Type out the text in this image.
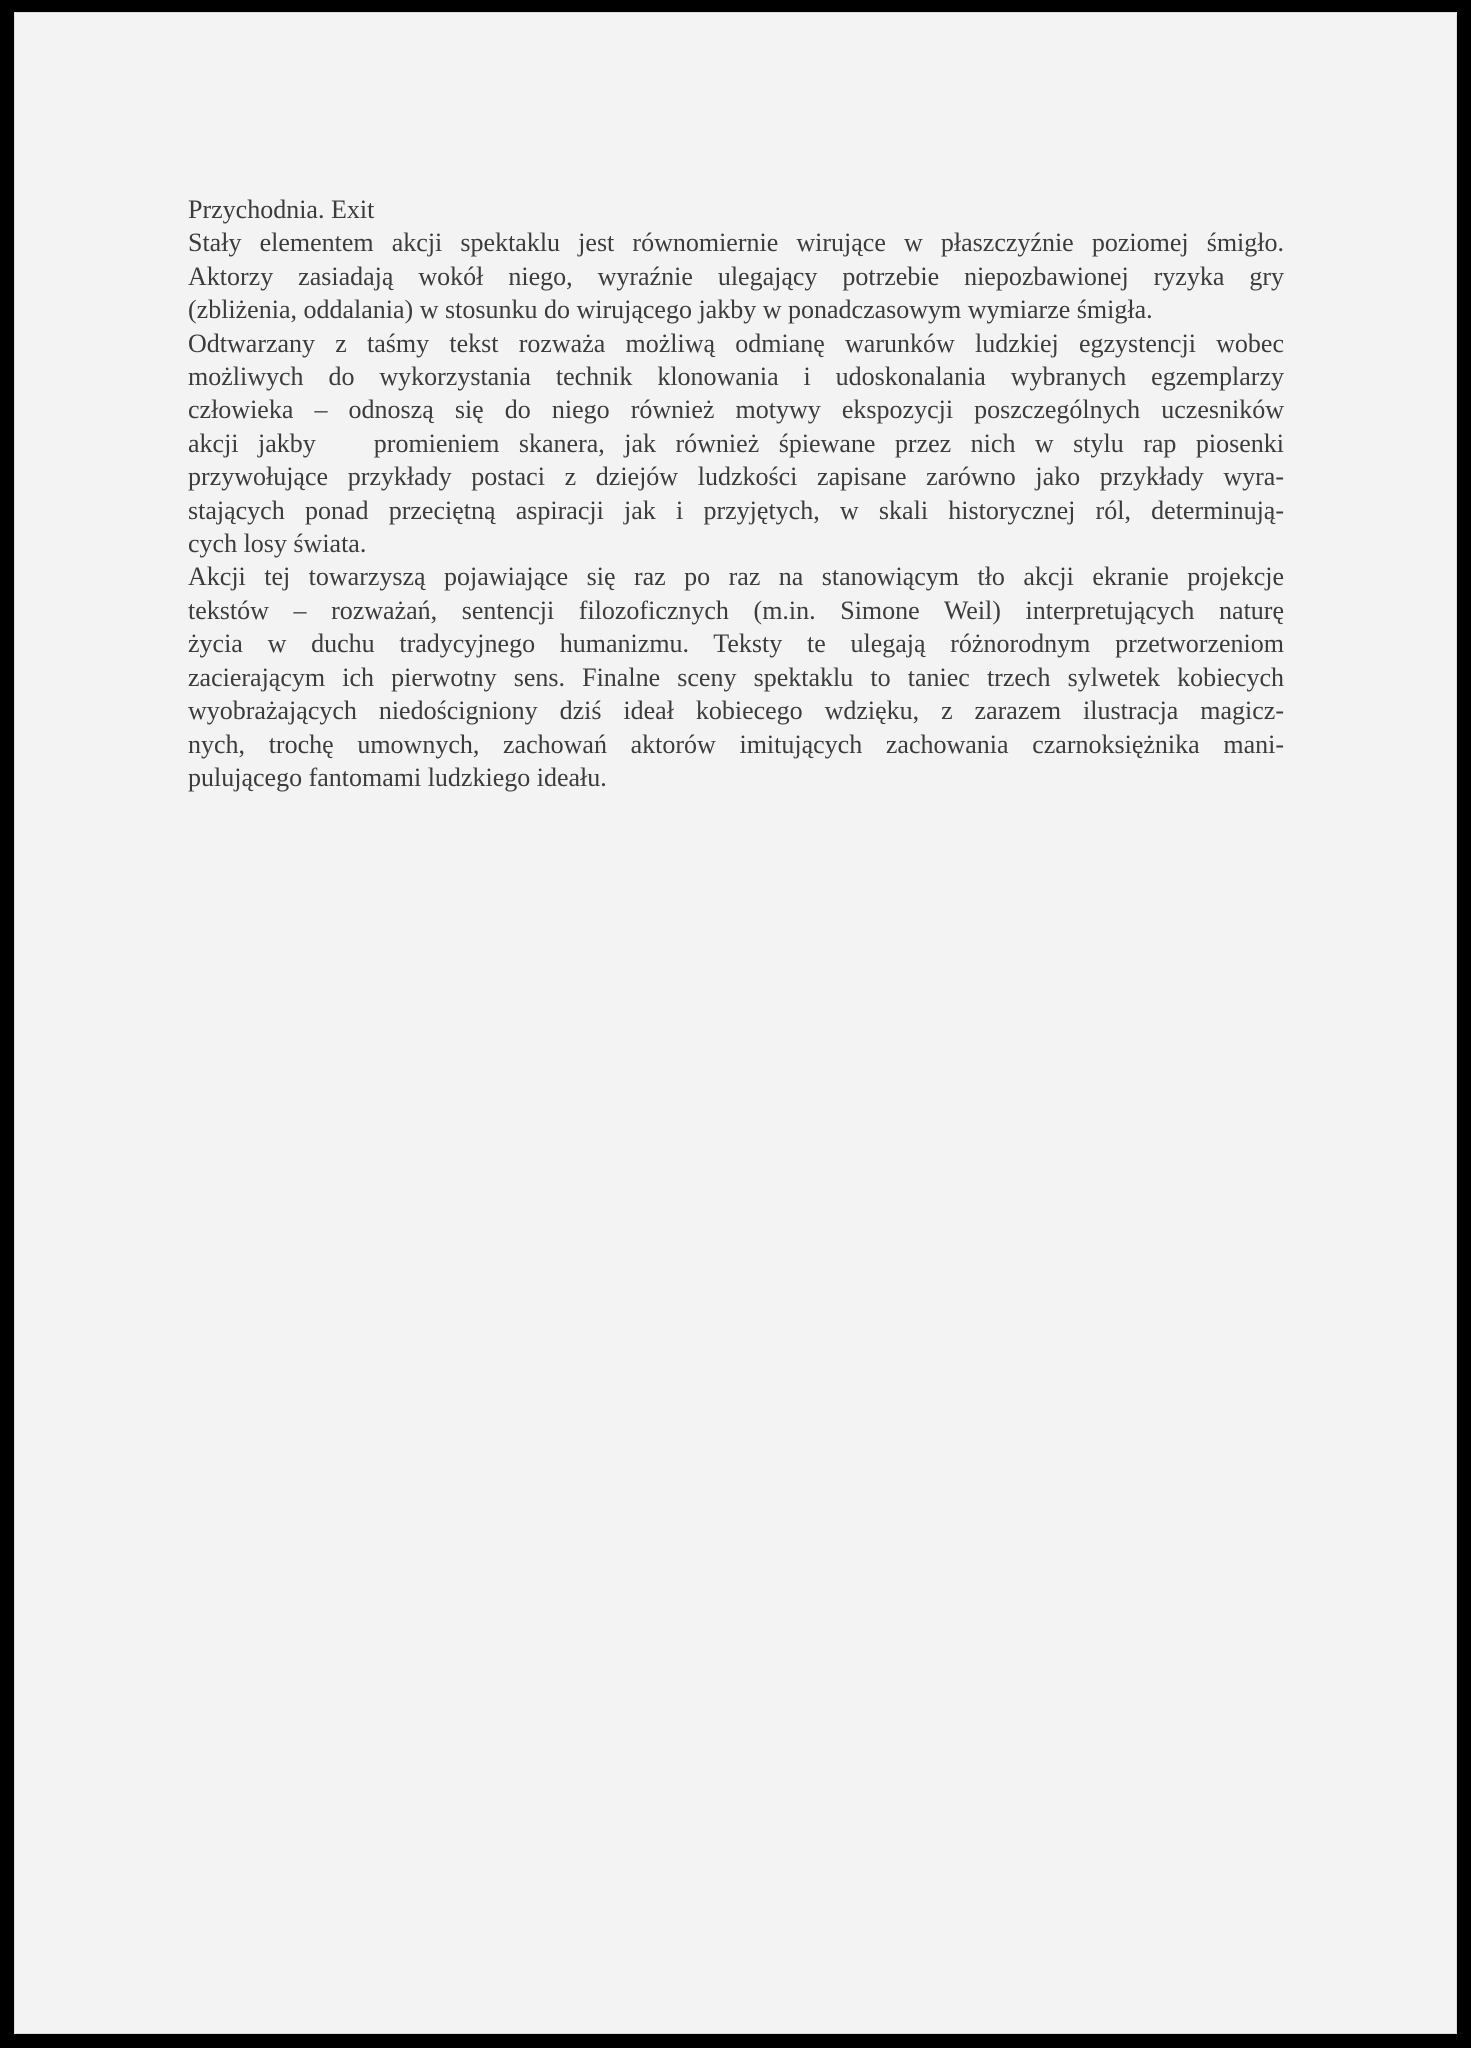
Przychodnia. Exit
Stały elementem akcji spektaklu jest równomiernie wirujące w płaszczyźnie poziomej śmigło.
Aktorzy zasiadają wokół niego, wyraźnie ulegający potrzebie niepozbawionej ryzyka gry
(zbliżenia, oddalania) w stosunku do wirującego jakby w ponadczasowym wymiarze śmigła.
Odtwarzany z taśmy tekst rozważa możliwą odmianę warunków ludzkiej egzystencji wobec
możliwych do wykorzystania technik klonowania i udoskonalania wybranych egzemplarzy
człowieka – odnoszą się do niego również motywy ekspozycji poszczególnych uczesników
akcji jakby promieniem skanera, jak również śpiewane przez nich w stylu rap piosenki
przywołujące przykłady postaci z dziejów ludzkości zapisane zarówno jako przykłady wyra-
stających ponad przeciętną aspiracji jak i przyjętych, w skali historycznej ról, determinują-
cych losy świata.
Akcji tej towarzyszą pojawiające się raz po raz na stanowiącym tło akcji ekranie projekcje
tekstów – rozważań, sentencji filozoficznych (m.in. Simone Weil) interpretujących naturę
życia w duchu tradycyjnego humanizmu. Teksty te ulegają różnorodnym przetworzeniom
zacierającym ich pierwotny sens. Finalne sceny spektaklu to taniec trzech sylwetek kobiecych
wyobrażających niedościgniony dziś ideał kobiecego wdzięku, z zarazem ilustracja magicz-
nych, trochę umownych, zachowań aktorów imitujących zachowania czarnoksiężnika mani-
pulującego fantomami ludzkiego ideału.
